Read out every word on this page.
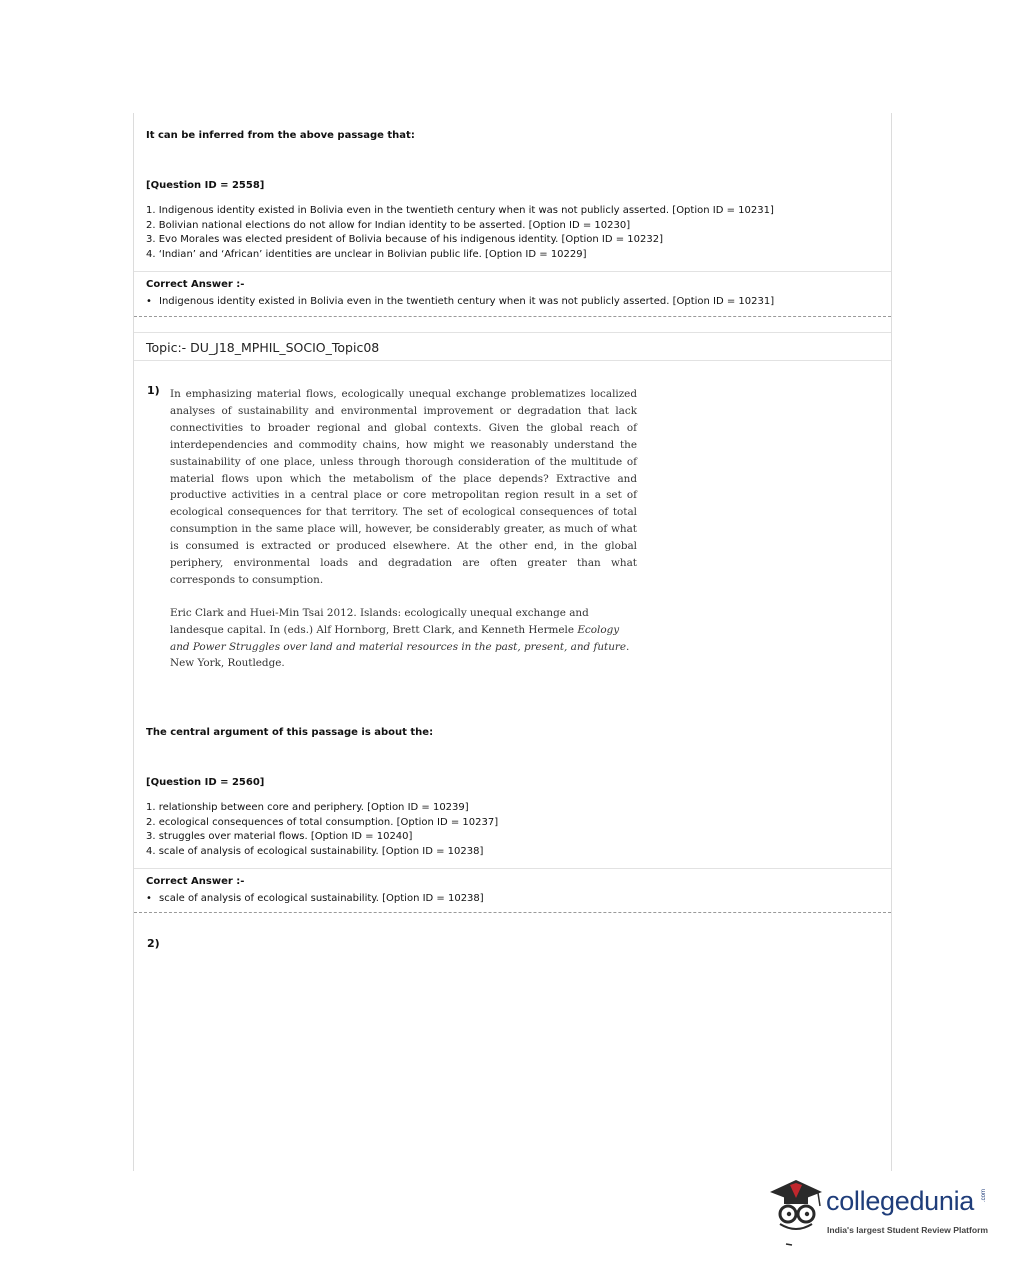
It can be inferred from the above passage that:
[Question ID = 2558]
1. Indigenous identity existed in Bolivia even in the twentieth century when it was not publicly asserted. [Option ID = 10231]
2. Bolivian national elections do not allow for Indian identity to be asserted. [Option ID = 10230]
3. Evo Morales was elected president of Bolivia because of his indigenous identity. [Option ID = 10232]
4. ‘Indian’ and ‘African’ identities are unclear in Bolivian public life. [Option ID = 10229]
Correct Answer :-
• Indigenous identity existed in Bolivia even in the twentieth century when it was not publicly asserted. [Option ID = 10231]
Topic:- DU_J18_MPHIL_SOCIO_Topic08
1) In emphasizing material flows, ecologically unequal exchange problematizes localized analyses of sustainability and environmental improvement or degradation that lack connectivities to broader regional and global contexts. Given the global reach of interdependencies and commodity chains, how might we reasonably understand the sustainability of one place, unless through thorough consideration of the multitude of material flows upon which the metabolism of the place depends? Extractive and productive activities in a central place or core metropolitan region result in a set of ecological consequences for that territory. The set of ecological consequences of total consumption in the same place will, however, be considerably greater, as much of what is consumed is extracted or produced elsewhere. At the other end, in the global periphery, environmental loads and degradation are often greater than what corresponds to consumption.

Eric Clark and Huei-Min Tsai 2012. Islands: ecologically unequal exchange and landesque capital. In (eds.) Alf Hornborg, Brett Clark, and Kenneth Hermele Ecology and Power Struggles over land and material resources in the past, present, and future. New York, Routledge.

The central argument of this passage is about the:
[Question ID = 2560]
1. relationship between core and periphery. [Option ID = 10239]
2. ecological consequences of total consumption. [Option ID = 10237]
3. struggles over material flows. [Option ID = 10240]
4. scale of analysis of ecological sustainability. [Option ID = 10238]
Correct Answer :-
• scale of analysis of ecological sustainability. [Option ID = 10238]
2)
collegedunia .com
India's largest Student Review Platform
